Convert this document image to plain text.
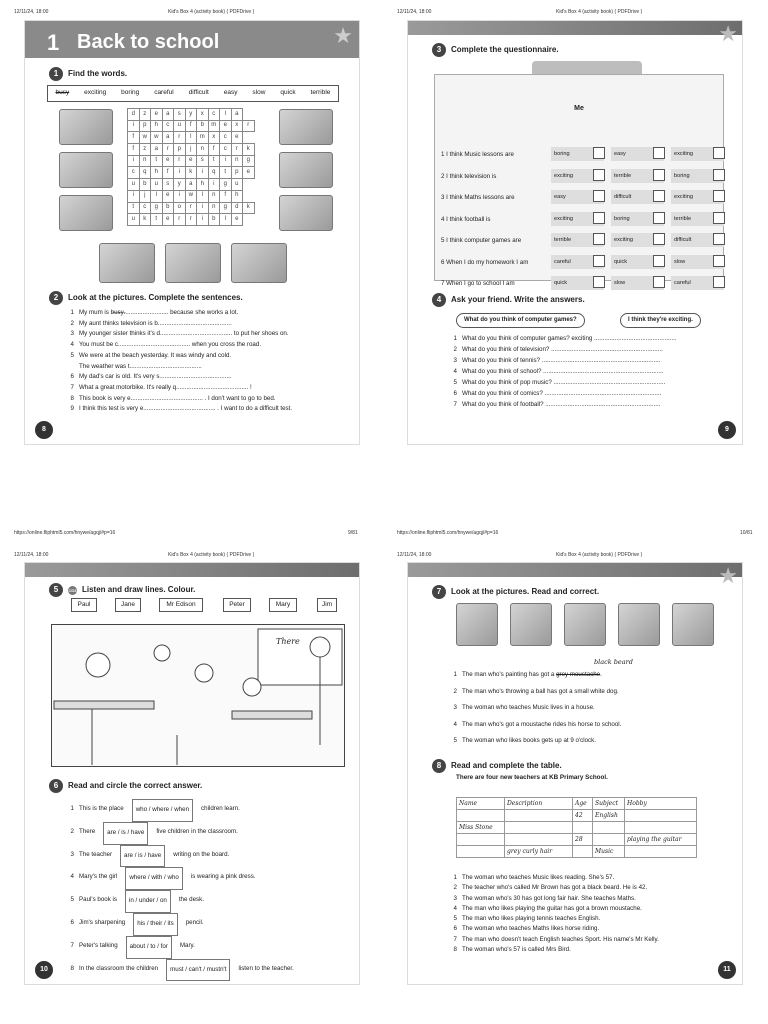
12/11/24, 18:00	Kid's Box 4 (activity book) ( PDFDrive )	12/11/24, 18:00	Kid's Box 4 (activity book) ( PDFDrive )
https://online.fliphtml5.com/hnywe/agqj/#p=16	9/81	https://online.fliphtml5.com/hnywe/agqj/#p=16	10/81
12/11/24, 18:00	Kid's Box 4 (activity book) ( PDFDrive )	12/11/24, 18:00	Kid's Box 4 (activity book) ( PDFDrive )
1 Back to school	★
1	Find the words.
busy exciting boring careful difficult easy slow quick terrible
d	z	e	a	s	y	x	c	l	a	
i	p	h	c	u	f	b	m	e	x	r
f	w	w	a	r	l	m	x	c	e	
f	z	a	r	p	j	n	f	c	r	k
i	n	t	e	r	e	s	t	i	n	g
c	q	h	f	i	k	i	q	t	p	e
u	b	u	s	y	a	h	i	g	u	
i	j	l	e	i	w	l	n	f	h	
t	c	g	b	o	r	i	n	g	d	k
u	k	t	e	r	r	i	b	l	e	
2	Look at the pictures. Complete the sentences.
1 My mum is b̶u̶s̶y̶.......................... because she works a lot.
2 My aunt thinks television is b...........................................
3 My younger sister thinks it's d.......................................... to put her shoes on.
4 You must be c.......................................... when you cross the road.
5 We were at the beach yesterday. It was windy and cold.
The weather was t..........................................
6 My dad's car is old. It's very s..........................................
7 What a great motorbike. It's really q.......................................... !
8 This book is very e.......................................... . I don't want to go to bed.
9 I think this test is very e.......................................... . I want to do a difficult test.
8
★
3	Complete the questionnaire.
Me
1 I think Music lessons are	boring	easy	exciting
2 I think television is	exciting	terrible	boring
3 I think Maths lessons are	easy	difficult	exciting
4 I think football is	exciting	boring	terrible
5 I think computer games are	terrible	exciting	difficult
6 When I do my homework I am	careful	quick	slow
7 When I go to school I am	quick	slow	careful
4	Ask your friend. Write the answers.
What do you think of computer games?	I think they're exciting.
1 What do you think of computer games? exciting ................................................
2 What do you think of television? .................................................................
3 What do you think of tennis? .....................................................................
4 What do you think of school? ......................................................................
5 What do you think of pop music? .................................................................
6 What do you think of comics? ....................................................................
7 What do you think of football? ...................................................................
9
5	CD3 Listen and draw lines. Colour.
Paul	Jane	Mr Edison	Peter	Mary	Jim
There
6	Read and circle the correct answer.
1 This is the place	who / where / when	children learn.
2 There	are / is / have	five children in the classroom.
3 The teacher	are / is / have	writing on the board.
4 Mary's the girl	where / with / who	is wearing a pink dress.
5 Paul's book is	in / under / on	the desk.
6 Jim's sharpening	his / their / its	pencil.
7 Peter's talking	about / to / for	Mary.
8 In the classroom the children	must / can't / mustn't	listen to the teacher.
10
★
7	Look at the pictures. Read and correct.
black beard
1 The man who's painting has got a grey moustache.
2 The man who's throwing a ball has got a small white dog.
3 The woman who teaches Music lives in a house.
4 The man who's got a moustache rides his horse to school.
5 The woman who likes books gets up at 9 o'clock.
8	Read and complete the table.
There are four new teachers at KB Primary School.
Name	Description	Age	Subject	Hobby
		42	English	
Miss Stone				
		28		playing the guitar
	grey curly hair		Music	
1 The woman who teaches Music likes reading. She's 57.
2 The teacher who's called Mr Brown has got a black beard. He is 42.
3 The woman who's 30 has got long fair hair. She teaches Maths.
4 The man who likes playing the guitar has got a brown moustache.
5 The man who likes playing tennis teaches English.
6 The woman who teaches Maths likes horse riding.
7 The man who doesn't teach English teaches Sport. His name's Mr Kelly.
8 The woman who's 57 is called Mrs Bird.
11
